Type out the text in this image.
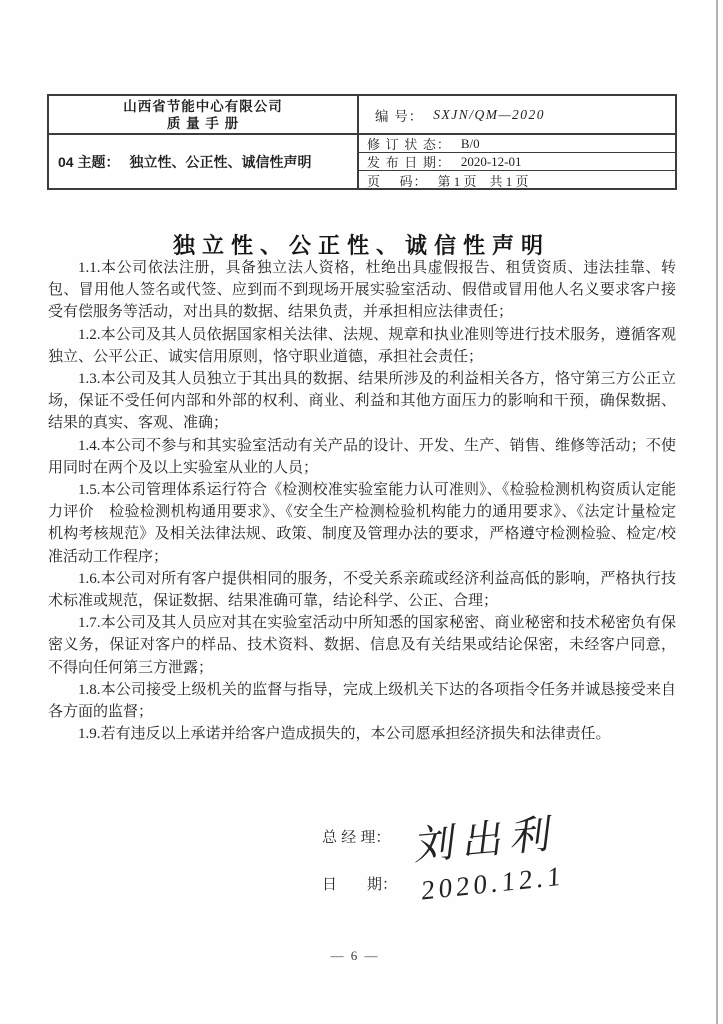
山西省节能中心有限公司
质 量 手 册	编 号： SXJN/QM—2020
04 主题： 独立性、公正性、诚信性声明
修 订 状 态： B/0
发 布 日 期： 2020-12-01
页    码： 第 1 页    共 1 页
独立性、公正性、诚信性声明

1.1.本公司依法注册，具备独立法人资格，杜绝出具虚假报告、租赁资质、违法挂靠、转包、冒用他人签名或代签、应到而不到现场开展实验室活动、假借或冒用他人名义要求客户接受有偿服务等活动，对出具的数据、结果负责，并承担相应法律责任；

1.2.本公司及其人员依据国家相关法律、法规、规章和执业准则等进行技术服务，遵循客观独立、公平公正、诚实信用原则，恪守职业道德，承担社会责任；

1.3.本公司及其人员独立于其出具的数据、结果所涉及的利益相关各方，恪守第三方公正立场，保证不受任何内部和外部的权利、商业、利益和其他方面压力的影响和干预，确保数据、结果的真实、客观、准确；

1.4.本公司不参与和其实验室活动有关产品的设计、开发、生产、销售、维修等活动；不使用同时在两个及以上实验室从业的人员；

1.5.本公司管理体系运行符合《检测校准实验室能力认可准则》、《检验检测机构资质认定能力评价　检验检测机构通用要求》、《安全生产检测检验机构能力的通用要求》、《法定计量检定机构考核规范》及相关法律法规、政策、制度及管理办法的要求，严格遵守检测检验、检定/校准活动工作程序；

1.6.本公司对所有客户提供相同的服务，不受关系亲疏或经济利益高低的影响，严格执行技术标准或规范，保证数据、结果准确可靠，结论科学、公正、合理；

1.7.本公司及其人员应对其在实验室活动中所知悉的国家秘密、商业秘密和技术秘密负有保密义务，保证对客户的样品、技术资料、数据、信息及有关结果或结论保密，未经客户同意，不得向任何第三方泄露；

1.8.本公司接受上级机关的监督与指导，完成上级机关下达的各项指令任务并诚恳接受来自各方面的监督；

1.9.若有违反以上承诺并给客户造成损失的，本公司愿承担经济损失和法律责任。

总 经 理： 刘出利
日　　期： 2020.12.1
— 6 —
